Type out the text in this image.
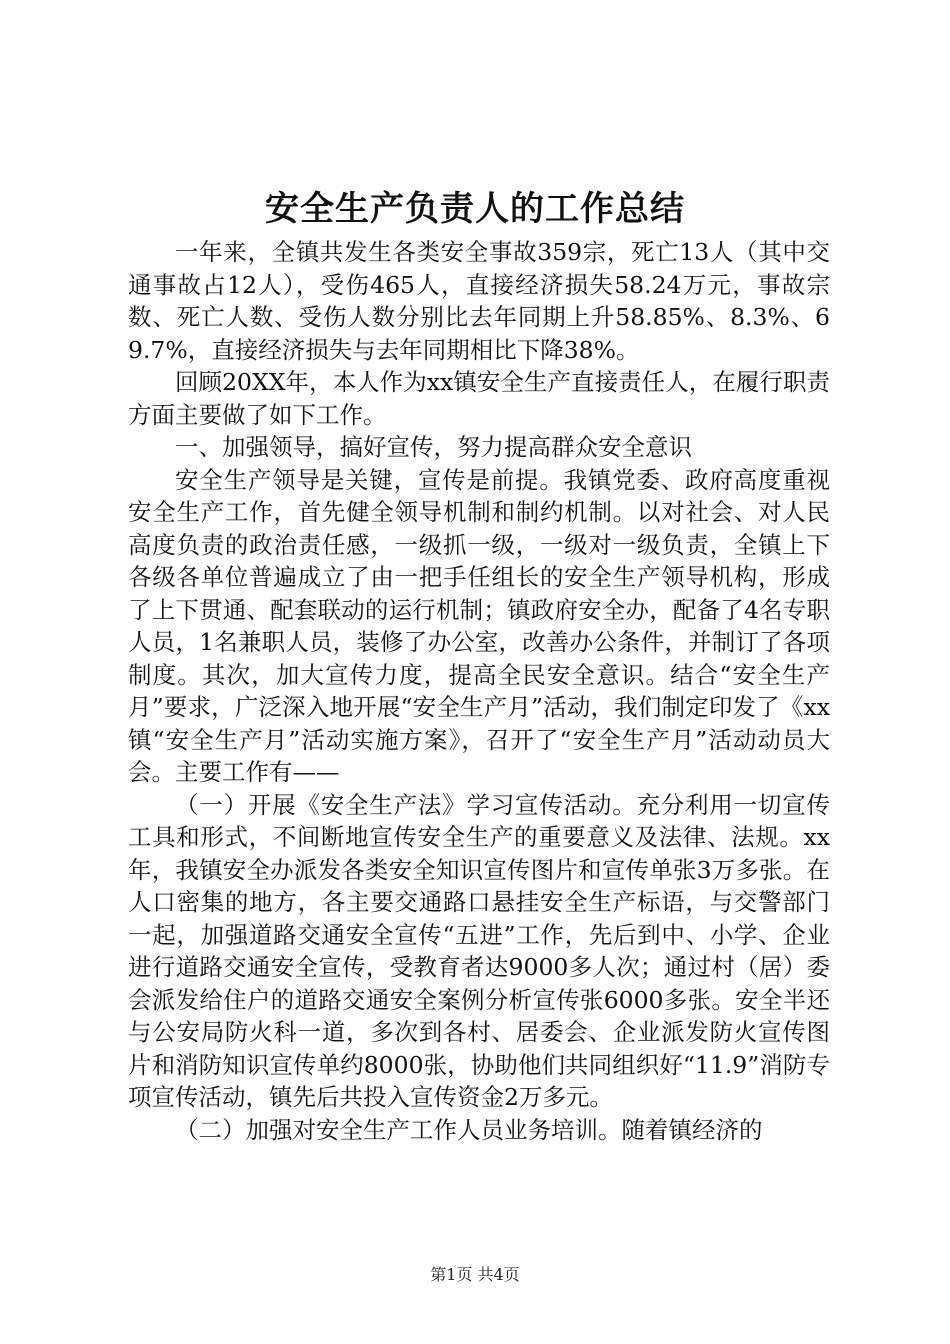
安全生产负责人的工作总结

一年来，全镇共发生各类安全事故359宗，死亡13人（其中交通事故占12人），受伤465人，直接经济损失58.24万元，事故宗数、死亡人数、受伤人数分别比去年同期上升58.85%、8.3%、69.7%，直接经济损失与去年同期相比下降38%。

回顾20XX年，本人作为xx镇安全生产直接责任人，在履行职责方面主要做了如下工作。

一、加强领导，搞好宣传，努力提高群众安全意识

安全生产领导是关键，宣传是前提。我镇党委、政府高度重视安全生产工作，首先健全领导机制和制约机制。以对社会、对人民高度负责的政治责任感，一级抓一级，一级对一级负责，全镇上下各级各单位普遍成立了由一把手任组长的安全生产领导机构，形成了上下贯通、配套联动的运行机制；镇政府安全办，配备了4名专职人员，1名兼职人员，装修了办公室，改善办公条件，并制订了各项制度。其次，加大宣传力度，提高全民安全意识。结合“安全生产月”要求，广泛深入地开展“安全生产月”活动，我们制定印发了《xx镇“安全生产月”活动实施方案》，召开了“安全生产月”活动动员大会。主要工作有——

（一）开展《安全生产法》学习宣传活动。充分利用一切宣传工具和形式，不间断地宣传安全生产的重要意义及法律、法规。xx年，我镇安全办派发各类安全知识宣传图片和宣传单张3万多张。在人口密集的地方，各主要交通路口悬挂安全生产标语，与交警部门一起，加强道路交通安全宣传“五进”工作，先后到中、小学、企业进行道路交通安全宣传，受教育者达9000多人次；通过村（居）委会派发给住户的道路交通安全案例分析宣传张6000多张。安全半还与公安局防火科一道，多次到各村、居委会、企业派发防火宣传图片和消防知识宣传单约8000张，协助他们共同组织好“11.9”消防专项宣传活动，镇先后共投入宣传资金2万多元。

（二）加强对安全生产工作人员业务培训。随着镇经济的

第1页 共4页
